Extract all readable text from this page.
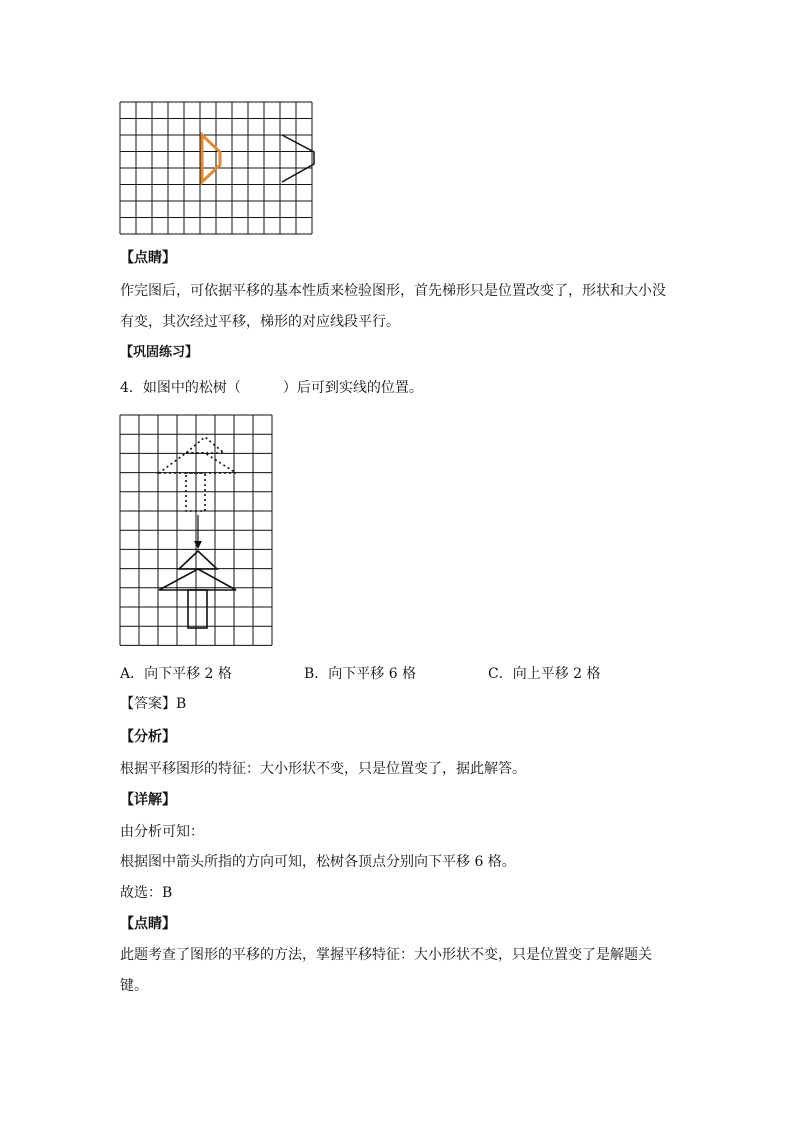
【点睛】
作完图后，可依据平移的基本性质来检验图形，首先梯形只是位置改变了，形状和大小没
有变，其次经过平移，梯形的对应线段平行。
【巩固练习】
4．如图中的松树（　　　）后可到实线的位置。
A．向下平移 2 格	B．向下平移 6 格	C．向上平移 2 格
【答案】B
【分析】
根据平移图形的特征：大小形状不变，只是位置变了，据此解答。
【详解】
由分析可知：
根据图中箭头所指的方向可知，松树各顶点分别向下平移 6 格。
故选：B
【点睛】
此题考查了图形的平移的方法，掌握平移特征：大小形状不变，只是位置变了是解题关
键。
